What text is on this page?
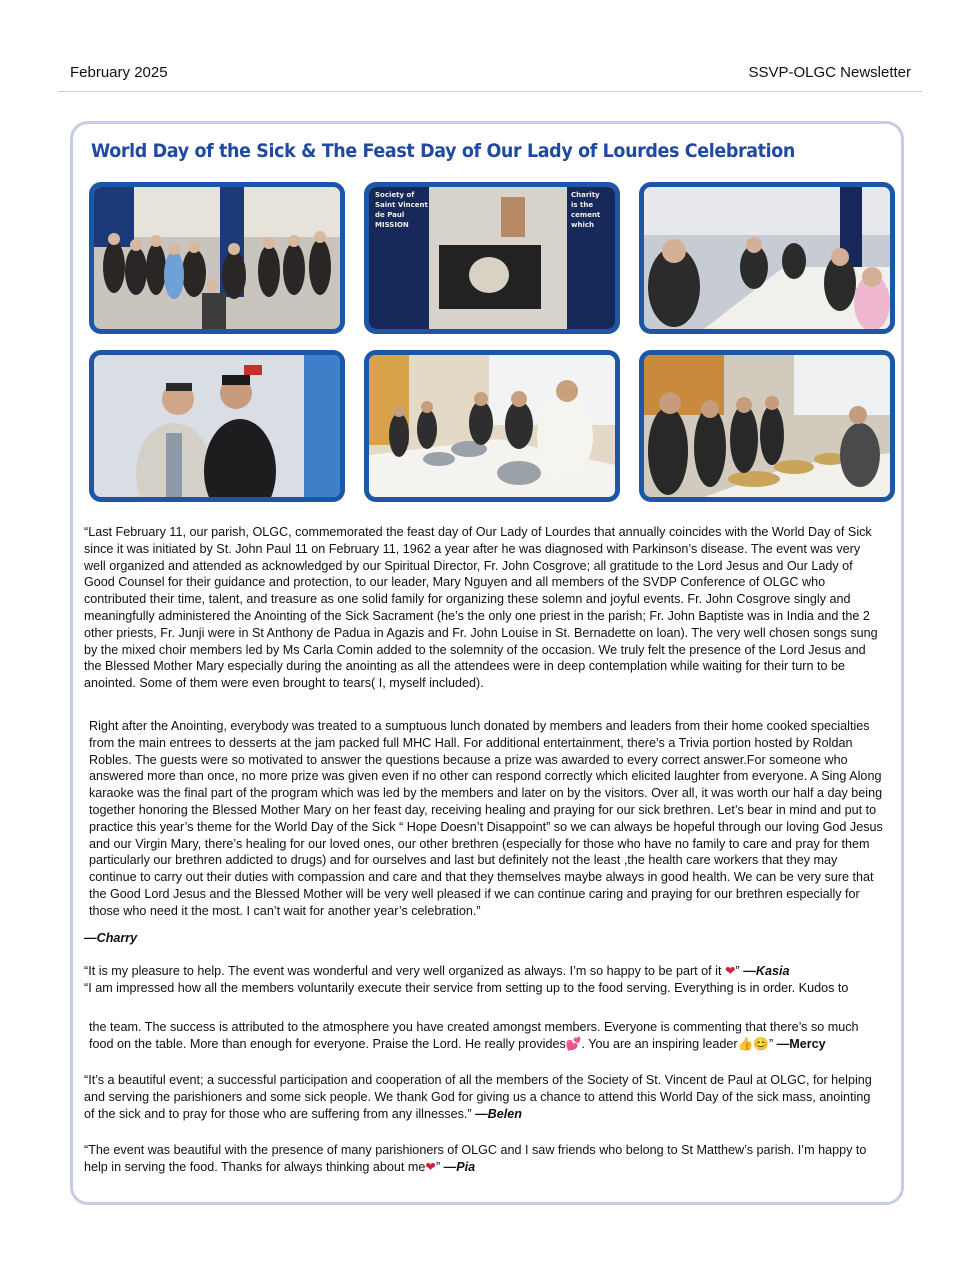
February 2025	SSVP-OLGC Newsletter
World Day of the Sick & The Feast Day of Our Lady of Lourdes Celebration
Society of
Saint Vincent
de Paul
MISSION
Charity
is the
cement
which

“Last February 11, our parish, OLGC, commemorated the feast day of Our Lady of Lourdes that annually coincides with the World Day of Sick since it was initiated by St. John Paul 11 on February 11, 1962 a year after he was diagnosed with Parkinson’s disease. The event was very well organized and attended as acknowledged by our Spiritual Director, Fr. John Cosgrove; all gratitude to the Lord Jesus and Our Lady of Good Counsel for their guidance and protection, to our leader, Mary Nguyen and all members of the SVDP Conference of OLGC who contributed their time, talent, and treasure as one solid family for organizing these solemn and joyful events. Fr. John Cosgrove singly and meaningfully administered the Anointing of the Sick Sacrament (he’s the only one priest in the parish; Fr. John Baptiste was in India and the 2 other priests, Fr. Junji were in St Anthony de Padua in Agazis and Fr. John Louise in St. Bernadette on loan). The very well chosen songs sung by the mixed choir members led by Ms Carla Comin added to the solemnity of the occasion. We truly felt the presence of the Lord Jesus and the Blessed Mother Mary especially during the anointing as all the attendees were in deep contemplation while waiting for their turn to be anointed. Some of them were even brought to tears( I, myself included).

Right after the Anointing, everybody was treated to a sumptuous lunch donated by members and leaders from their home cooked specialties from the main entrees to desserts at the jam packed full MHC Hall. For additional entertainment, there’s a Trivia portion hosted by Roldan Robles. The guests were so motivated to answer the questions because a prize was awarded to every correct answer.For someone who answered more than once, no more prize was given even if no other can respond correctly which elicited laughter from everyone. A Sing Along karaoke was the final part of the program which was led by the members and later on by the visitors. Over all, it was worth our half a day being together honoring the Blessed Mother Mary on her feast day, receiving healing and praying for our sick brethren. Let’s bear in mind and put to practice this year’s theme for the World Day of the Sick “ Hope Doesn’t Disappoint” so we can always be hopeful through our loving God Jesus and our Virgin Mary, there’s healing for our loved ones, our other brethren (especially for those who have no family to care and pray for them particularly our brethren addicted to drugs) and for ourselves and last but definitely not the least ,the health care workers that they may continue to carry out their duties with compassion and care and that they themselves maybe always in good health. We can be very sure that the Good Lord Jesus and the Blessed Mother will be very well pleased if we can continue caring and praying for our brethren especially for those who need it the most. I can’t wait for another year’s celebration.”

—Charry

“It is my pleasure to help. The event was wonderful and very well organized as always. I’m so happy to be part of it ❤” —Kasia

“I am impressed how all the members voluntarily execute their service from setting up to the food serving. Everything is in order. Kudos to

the team. The success is attributed to the atmosphere you have created amongst members. Everyone is commenting that there’s so much food on the table. More than enough for everyone. Praise the Lord. He really provides💕. You are an inspiring leader👍😊” —Mercy

“It’s a beautiful event; a successful participation and cooperation of all the members of the Society of St. Vincent de Paul at OLGC, for helping and serving the parishioners and some sick people. We thank God for giving us a chance to attend this World Day of the sick mass, anointing of the sick and to pray for those who are suffering from any illnesses.” —Belen

“The event was beautiful with the presence of many parishioners of OLGC and I saw friends who belong to St Matthew’s parish. I’m happy to help in serving the food. Thanks for always thinking about me❤” —Pia
